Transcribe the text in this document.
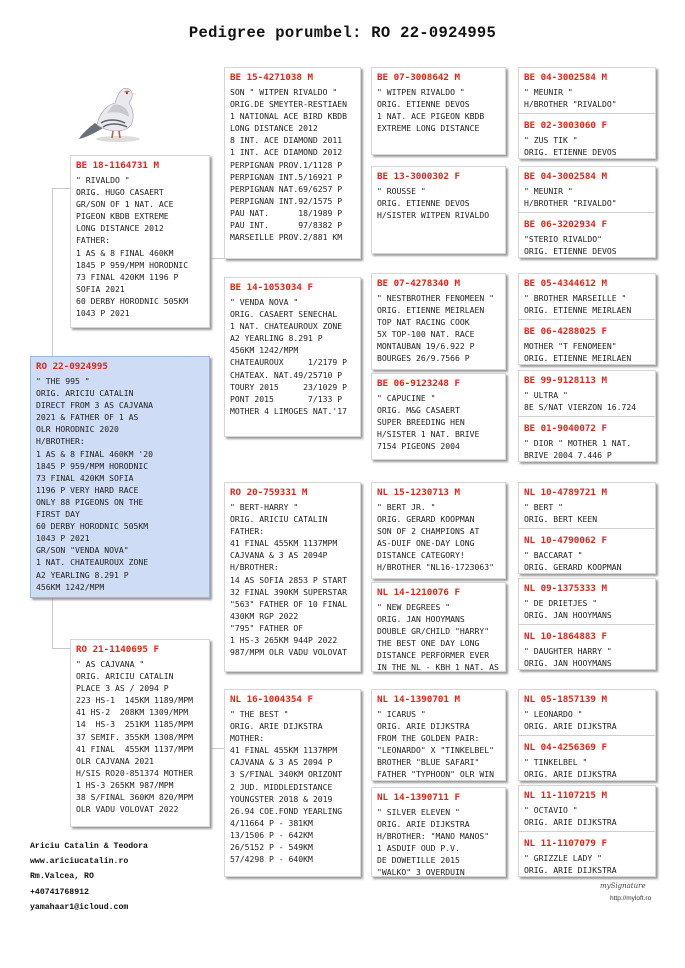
Pedigree porumbel: RO 22-0924995
RO 22-0924995
" THE 995 "
ORIG. ARICIU CATALIN
DIRECT FROM 3 AS CAJVANA
2021 & FATHER OF 1 AS
OLR HORODNIC 2020
H/BROTHER:
1 AS & 8 FINAL 460KM '20
1845 P 959/MPM HORODNIC
73 FINAL 420KM SOFIA
1196 P VERY HARD RACE
ONLY 88 PIGEONS ON THE
FIRST DAY
60 DERBY HORODNIC 505KM
1043 P 2021
GR/SON "VENDA NOVA"
1 NAT. CHATEAUROUX ZONE
A2 YEARLING 8.291 P
456KM 1242/MPM
BE 18-1164731 M
" RIVALDO "
ORIG. HUGO CASAERT
GR/SON OF 1 NAT. ACE
PIGEON KBDB EXTREME
LONG DISTANCE 2012
FATHER:
1 AS & 8 FINAL 460KM
1845 P 959/MPM HORODNIC
73 FINAL 420KM 1196 P
SOFIA 2021
60 DERBY HORODNIC 505KM
1043 P 2021
RO 21-1140695 F
" AS CAJVANA "
ORIG. ARICIU CATALIN
PLACE 3 AS / 2094 P
223 HS-1  145KM 1189/MPM
41 HS-2  208KM 1309/MPM
14  HS-3  251KM 1185/MPM
37 SEMIF. 355KM 1308/MPM
41 FINAL  455KM 1137/MPM
OLR CAJVANA 2021
H/SIS RO20-851374 MOTHER
1 HS-3 265KM 987/MPM
38 S/FINAL 360KM 820/MPM
OLR VADU VOLOVAT 2022
BE 15-4271038 M
SON " WITPEN RIVALDO "
ORIG.DE SMEYTER-RESTIAEN
1 NATIONAL ACE BIRD KBDB
LONG DISTANCE 2012
8 INT. ACE DIAMOND 2011
1 INT. ACE DIAMOND 2012
PERPIGNAN PROV.1/1128 P
PERPIGNAN INT.5/16921 P
PERPIGNAN NAT.69/6257 P
PERPIGNAN INT.92/1575 P
PAU NAT.      18/1989 P
PAU INT.      97/8382 P
MARSEILLE PROV.2/881 KM
BE 14-1053034 F
" VENDA NOVA "
ORIG. CASAERT SENECHAL
1 NAT. CHATEAUROUX ZONE
A2 YEARLING 8.291 P
456KM 1242/MPM
CHATEAUROUX     1/2179 P
CHATEAX. NAT.49/25710 P
TOURY 2015     23/1029 P
PONT 2015       7/133 P
MOTHER 4 LIMOGES NAT.'17
RO 20-759331 M
" BERT-HARRY "
ORIG. ARICIU CATALIN
FATHER:
41 FINAL 455KM 1137MPM
CAJVANA & 3 AS 2094P
H/BROTHER:
14 AS SOFIA 2853 P START
32 FINAL 390KM SUPERSTAR
"563" FATHER OF 10 FINAL
430KM RGP 2022
"795" FATHER OF
1 HS-3 265KM 944P 2022
987/MPM OLR VADU VOLOVAT
NL 16-1004354 F
" THE BEST "
ORIG. ARIE DIJKSTRA
MOTHER:
41 FINAL 455KM 1137MPM
CAJVANA & 3 AS 2094 P
3 S/FINAL 340KM ORIZONT
2 JUD. MIDDLEDISTANCE
YOUNGSTER 2018 & 2019
26.94 COE.FOND YEARLING
4/11664 P - 381KM
13/1506 P - 642KM
26/5152 P - 549KM
57/4298 P - 640KM
BE 07-3008642 M
" WITPEN RIVALDO "
ORIG. ETIENNE DEVOS
1 NAT. ACE PIGEON KBDB
EXTREME LONG DISTANCE
BE 13-3000302 F
" ROUSSE "
ORIG. ETIENNE DEVOS
H/SISTER WITPEN RIVALDO
BE 07-4278340 M
" NESTBROTHER FENOMEEN "
ORIG. ETIENNE MEIRLAEN
TOP NAT RACING COOK
5X TOP-100 NAT. RACE
MONTAUBAN 19/6.922 P
BOURGES 26/9.7566 P
BE 06-9123248 F
" CAPUCINE "
ORIG. M&G CASAERT
SUPER BREEDING HEN
H/SISTER 1 NAT. BRIVE
7154 PIGEONS 2004
NL 15-1230713 M
" BERT JR. "
ORIG. GERARD KOOPMAN
SON OF 2 CHAMPIONS AT
AS-DUIF ONE-DAY LONG
DISTANCE CATEGORY!
H/BROTHER "NL16-1723063"
NL 14-1210076 F
" NEW DEGREES "
ORIG. JAN HOOYMANS
DOUBLE GR/CHILD "HARRY"
THE BEST ONE DAY LONG
DISTANCE PERFORMER EVER
IN THE NL - KBH 1 NAT. AS
NL 14-1390701 M
" ICARUS "
ORIG. ARIE DIJKSTRA
FROM THE GOLDEN PAIR:
"LEONARDO" X "TINKELBEL"
BROTHER "BLUE SAFARI"
FATHER "TYPHOON" OLR WIN
NL 14-1390711 F
" SILVER ELEVEN "
ORIG. ARIE DIJKSTRA
H/BROTHER: "MANO MANOS"
1 ASDUIF OUD P.V.
DE DOWETILLE 2015
"WALKO" 3 OVERDUIN
BE 04-3002584 M
" MEUNIR "
H/BROTHER "RIVALDO"
BE 02-3003060 F
" ZUS TIK "
ORIG. ETIENNE DEVOS
BE 04-3002584 M
" MEUNIR "
H/BROTHER "RIVALDO"
BE 06-3202934 F
"STERIO RIVALDO"
ORIG. ETIENNE DEVOS
BE 05-4344612 M
" BROTHER MARSEILLE "
ORIG. ETIENNE MEIRLAEN
BE 06-4288025 F
MOTHER "T FENOMEEN"
ORIG. ETIENNE MEIRLAEN
BE 99-9128113 M
" ULTRA "
8E S/NAT VIERZON 16.724
BE 01-9040072 F
" DIOR " MOTHER 1 NAT.
BRIVE 2004 7.446 P
NL 10-4789721 M
" BERT "
ORIG. BERT KEEN
NL 10-4790062 F
" BACCARAT "
ORIG. GERARD KOOPMAN
NL 09-1375333 M
" DE DRIETJES "
ORIG. JAN HOOYMANS
NL 10-1864883 F
" DAUGHTER HARRY "
ORIG. JAN HOOYMANS
NL 05-1857139 M
" LEONARDO "
ORIG. ARIE DIJKSTRA
NL 04-4256369 F
" TINKELBEL "
ORIG. ARIE DIJKSTRA
NL 11-1107215 M
" OCTAVIO "
ORIG. ARIE DIJKSTRA
NL 11-1107079 F
" GRIZZLE LADY "
ORIG. ARIE DIJKSTRA
Ariciu Catalin & Teodora
www.ariciucatalin.ro
Rm.Valcea, RO
+40741768912
yamahaar1@icloud.com
mySignature
http://myloft.ro
